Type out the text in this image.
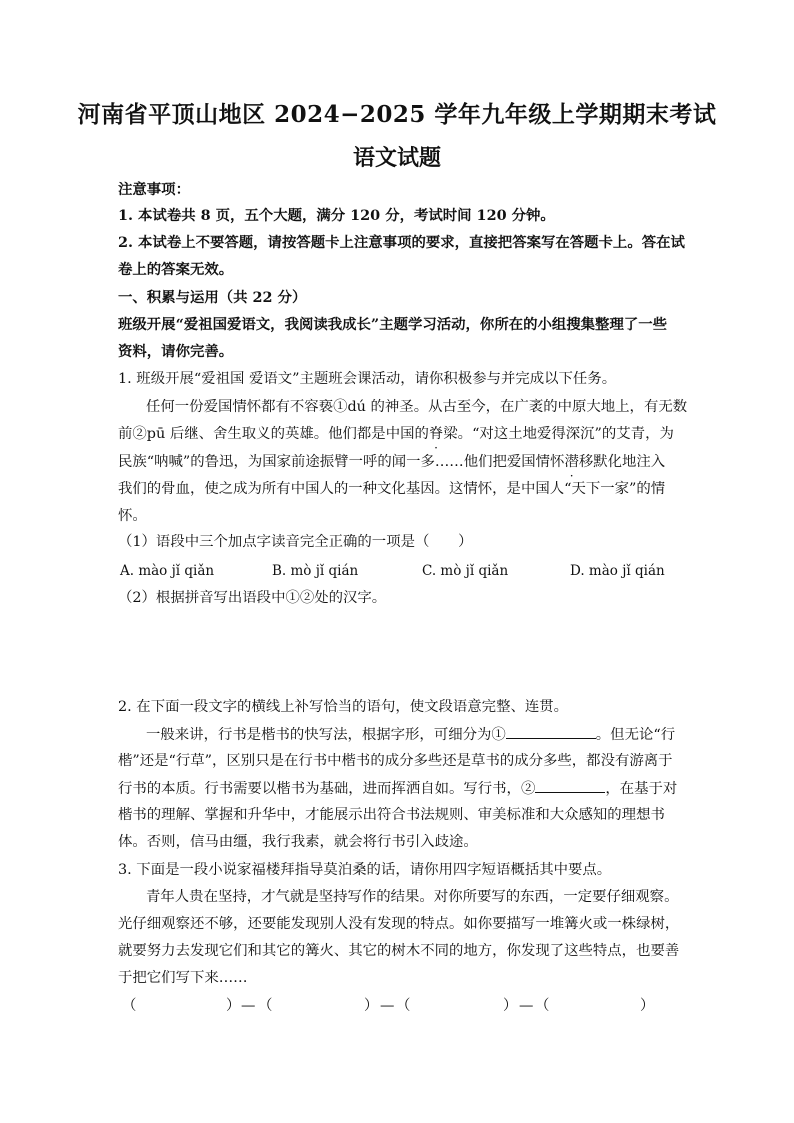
河南省平顶山地区 2024−2025 学年九年级上学期期末考试
语文试题
注意事项：
1. 本试卷共 8 页，五个大题，满分 120 分，考试时间 120 分钟。
2. 本试卷上不要答题，请按答题卡上注意事项的要求，直接把答案写在答题卡上。答在试
卷上的答案无效。
一、积累与运用（共 22 分）
班级开展“爱祖国爱语文，我阅读我成长”主题学习活动，你所在的小组搜集整理了一些
资料，请你完善。
1. 班级开展“爱祖国 爱语文”主题班会课活动，请你积极参与并完成以下任务。
任何一份爱国情怀都有不容亵①dú 的神圣。从古至今，在广袤的中原大地上，有无数
前②pū 后继、舍生取义的英雄。他们都是中国的脊梁。“对这土地爱得深沉”的艾青，为
民族“呐喊”的鲁迅，为国家前途振臂一呼的闻一多……他们把爱国情怀潜移默化地注入
我们的骨血，使之成为所有中国人的一种文化基因。这情怀，是中国人“天下一家”的情
怀。
（1）语段中三个加点字读音完全正确的一项是（　　）
A. mào jǐ qiǎn	B. mò jǐ qián	C. mò jǐ qiǎn	D. mào jǐ qián
（2）根据拼音写出语段中①②处的汉字。
2. 在下面一段文字的横线上补写恰当的语句，使文段语意完整、连贯。
一般来讲，行书是楷书的快写法，根据字形，可细分为①	。但无论“行
楷”还是“行草”，区别只是在行书中楷书的成分多些还是草书的成分多些，都没有游离于
行书的本质。行书需要以楷书为基础，进而挥洒自如。写行书，②	，在基于对
楷书的理解、掌握和升华中，才能展示出符合书法规则、审美标准和大众感知的理想书
体。否则，信马由缰，我行我素，就会将行书引入歧途。
3. 下面是一段小说家福楼拜指导莫泊桑的话，请你用四字短语概括其中要点。
青年人贵在坚持，才气就是坚持写作的结果。对你所要写的东西，一定要仔细观察。
光仔细观察还不够，还要能发现别人没有发现的特点。如你要描写一堆篝火或一株绿树，
就要努力去发现它们和其它的篝火、其它的树木不同的地方，你发现了这些特点，也要善
于把它们写下来……
（	） — （	） — （	） — （	）
